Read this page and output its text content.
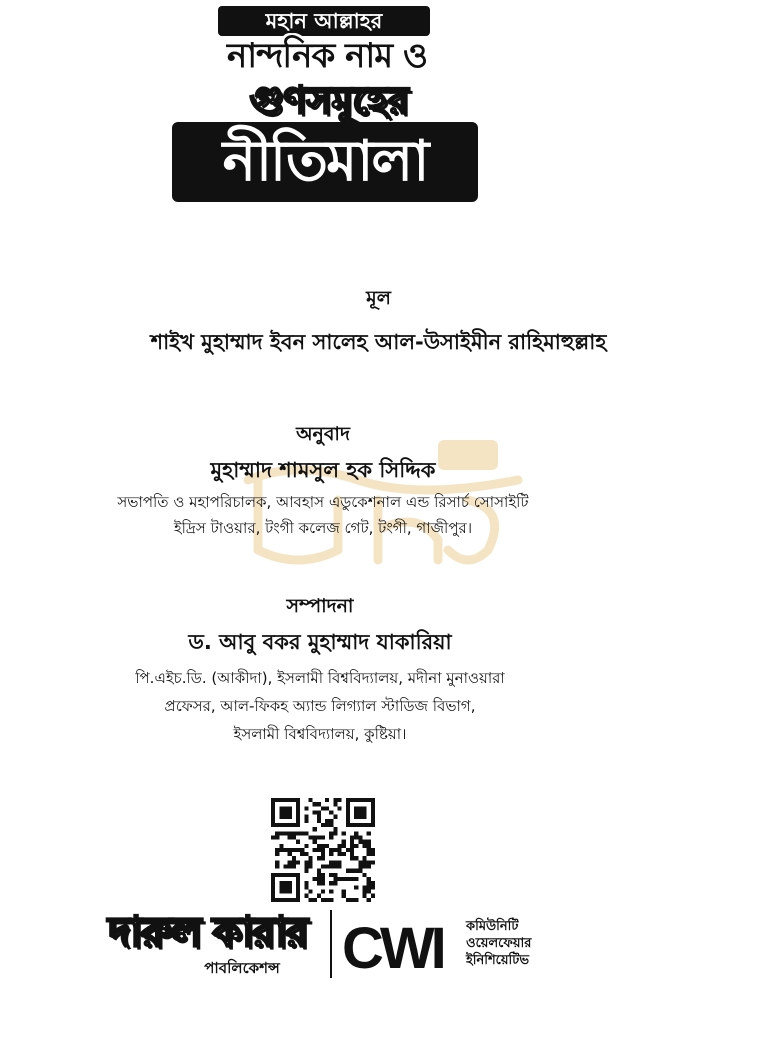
মহান আল্লাহর
নান্দনিক নাম ও
গুণসমূহের
নীতিমালা
মূল
শাইখ মুহাম্মাদ ইবন সালেহ আল-উসাইমীন রাহিমাহুল্লাহ
অনুবাদ
মুহাম্মাদ শামসুল হক সিদ্দিক
সভাপতি ও মহাপরিচালক, আবহাস এডুকেশনাল এন্ড রিসার্চ সোসাইটি
ইদ্রিস টাওয়ার, টংগী কলেজ গেট, টংগী, গাজীপুর।
সম্পাদনা
ড. আবু বকর মুহাম্মাদ যাকারিয়া
পি.এইচ.ডি. (আকীদা), ইসলামী বিশ্ববিদ্যালয়, মদীনা মুনাওয়ারা
প্রফেসর, আল-ফিকহ অ্যান্ড লিগ্যাল স্টাডিজ বিভাগ,
ইসলামী বিশ্ববিদ্যালয়, কুষ্টিয়া।
দারুল কারার
পাবলিকেশন্স	CWI কমিউনিটি
ওয়েলফেয়ার
ইনিশিয়েটিভ
